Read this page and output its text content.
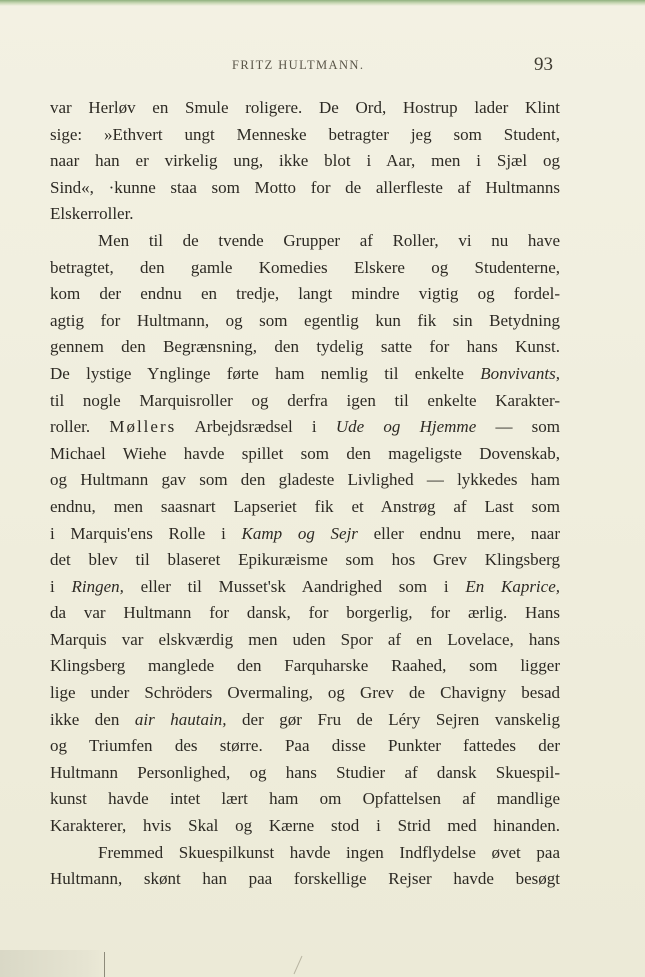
FRITZ HULTMANN.	93
var Herløv en Smule roligere. De Ord, Hostrup lader Klint
sige: »Ethvert ungt Menneske betragter jeg som Student,
naar han er virkelig ung, ikke blot i Aar, men i Sjæl og
Sind«, ·kunne staa som Motto for de allerfleste af Hultmanns
Elskerroller.
Men til de tvende Grupper af Roller, vi nu have
betragtet, den gamle Komedies Elskere og Studenterne,
kom der endnu en tredje, langt mindre vigtig og fordel-
agtig for Hultmann, og som egentlig kun fik sin Betydning
gennem den Begrænsning, den tydelig satte for hans Kunst.
De lystige Ynglinge førte ham nemlig til enkelte Bonvivants,
til nogle Marquisroller og derfra igen til enkelte Karakter-
roller. Møllers Arbejdsrædsel i Ude og Hjemme — som
Michael Wiehe havde spillet som den mageligste Dovenskab,
og Hultmann gav som den gladeste Livlighed — lykkedes ham
endnu, men saasnart Lapseriet fik et Anstrøg af Last som
i Marquis'ens Rolle i Kamp og Sejr eller endnu mere, naar
det blev til blaseret Epikuræisme som hos Grev Klingsberg
i Ringen, eller til Musset'sk Aandrighed som i En Kaprice,
da var Hultmann for dansk, for borgerlig, for ærlig. Hans
Marquis var elskværdig men uden Spor af en Lovelace, hans
Klingsberg manglede den Farquharske Raahed, som ligger
lige under Schröders Overmaling, og Grev de Chavigny besad
ikke den air hautain, der gør Fru de Léry Sejren vanskelig
og Triumfen des større. Paa disse Punkter fattedes der
Hultmann Personlighed, og hans Studier af dansk Skuespil-
kunst havde intet lært ham om Opfattelsen af mandlige
Karakterer, hvis Skal og Kærne stod i Strid med hinanden.
Fremmed Skuespilkunst havde ingen Indflydelse øvet paa
Hultmann, skønt han paa forskellige Rejser havde besøgt
